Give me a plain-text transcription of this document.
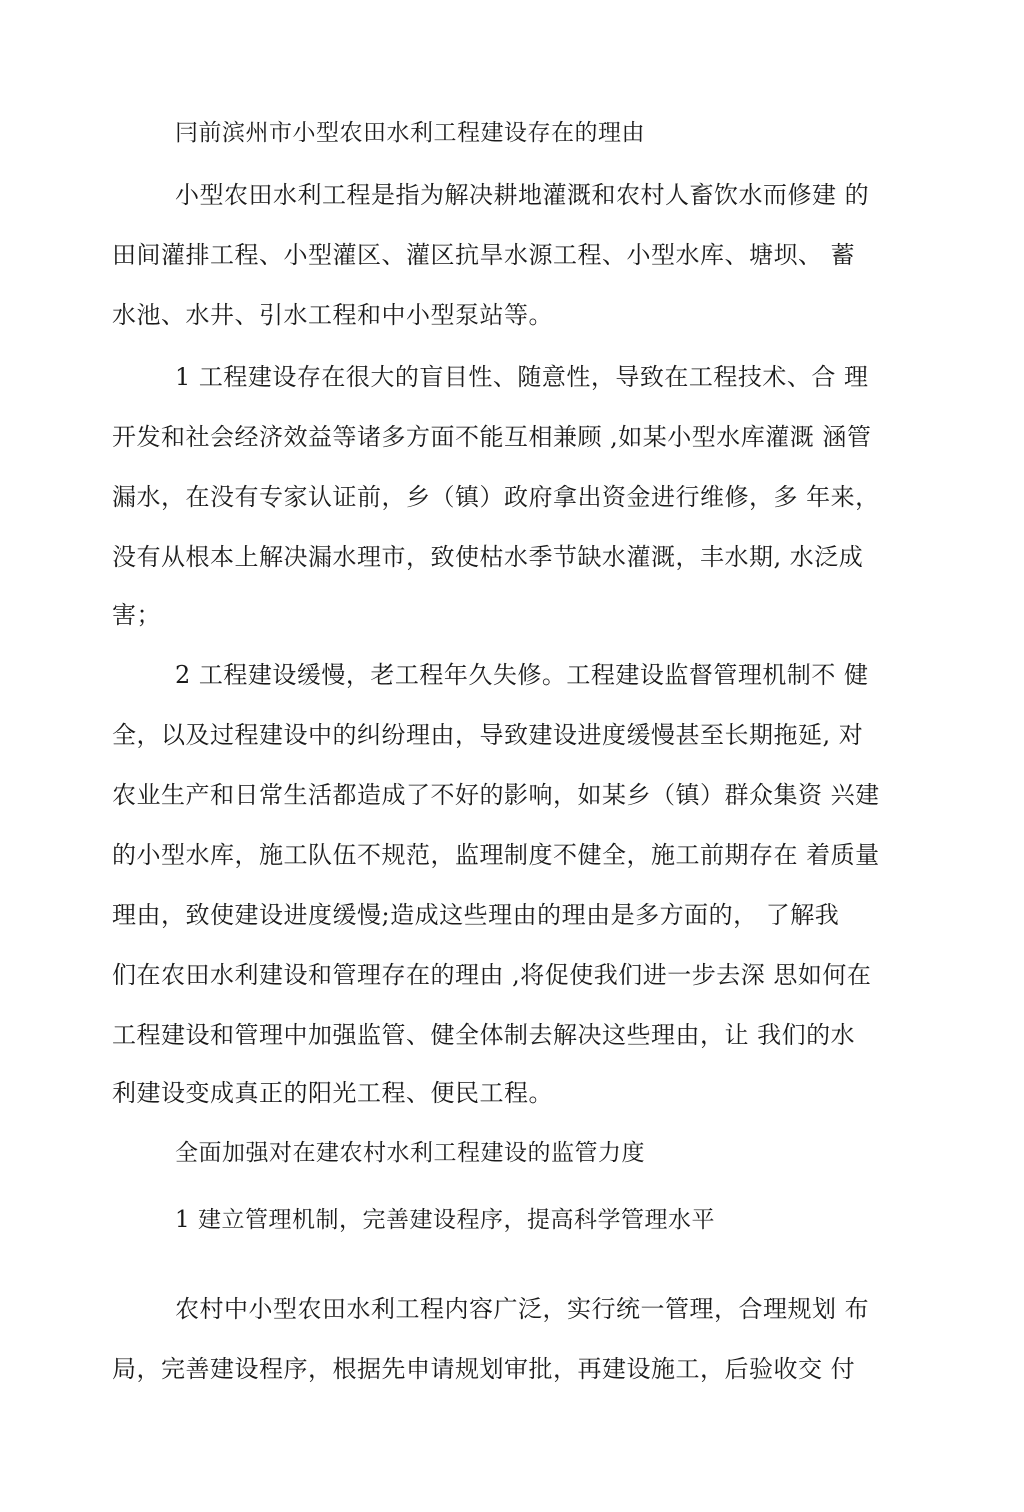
冃前滨州市小型农田水利工程建设存在的理由

小型农田水利工程是指为解决耕地灌溉和农村人畜饮水而修建 的

田间灌排工程、小型灌区、灌区抗旱水源工程、小型水库、塘坝、 蓄

水池、水井、引水工程和中小型泵站等。

1 工程建设存在很大的盲目性、随意性，导致在工程技术、合 理

开发和社会经济效益等诸多方面不能互相兼顾 ,如某小型水库灌溉 涵管

漏水，在没有专家认证前，乡（镇）政府拿出资金进行维修，多 年来，

没有从根本上解决漏水理市，致使枯水季节缺水灌溉，丰水期, 水泛成

害；

2 工程建设缓慢，老工程年久失修。工程建设监督管理机制不 健

全，以及过程建设中的纠纷理由，导致建设进度缓慢甚至长期拖延, 对

农业生产和日常生活都造成了不好的影响，如某乡（镇）群众集资 兴建

的小型水库，施工队伍不规范，监理制度不健全，施工前期存在 着质量

理由，致使建设进度缓慢;造成这些理由的理由是多方面的， 了解我

们在农田水利建设和管理存在的理由 ,将促使我们进一步去深 思如何在

工程建设和管理中加强监管、健全体制去解决这些理由，让 我们的水

利建设变成真正的阳光工程、便民工程。

全面加强对在建农村水利工程建设的监管力度

1 建立管理机制，完善建设程序，提高科学管理水平

农村中小型农田水利工程内容广泛，实行统一管理，合理规划 布

局，完善建设程序，根据先申请规划审批，再建设施工，后验收交 付
